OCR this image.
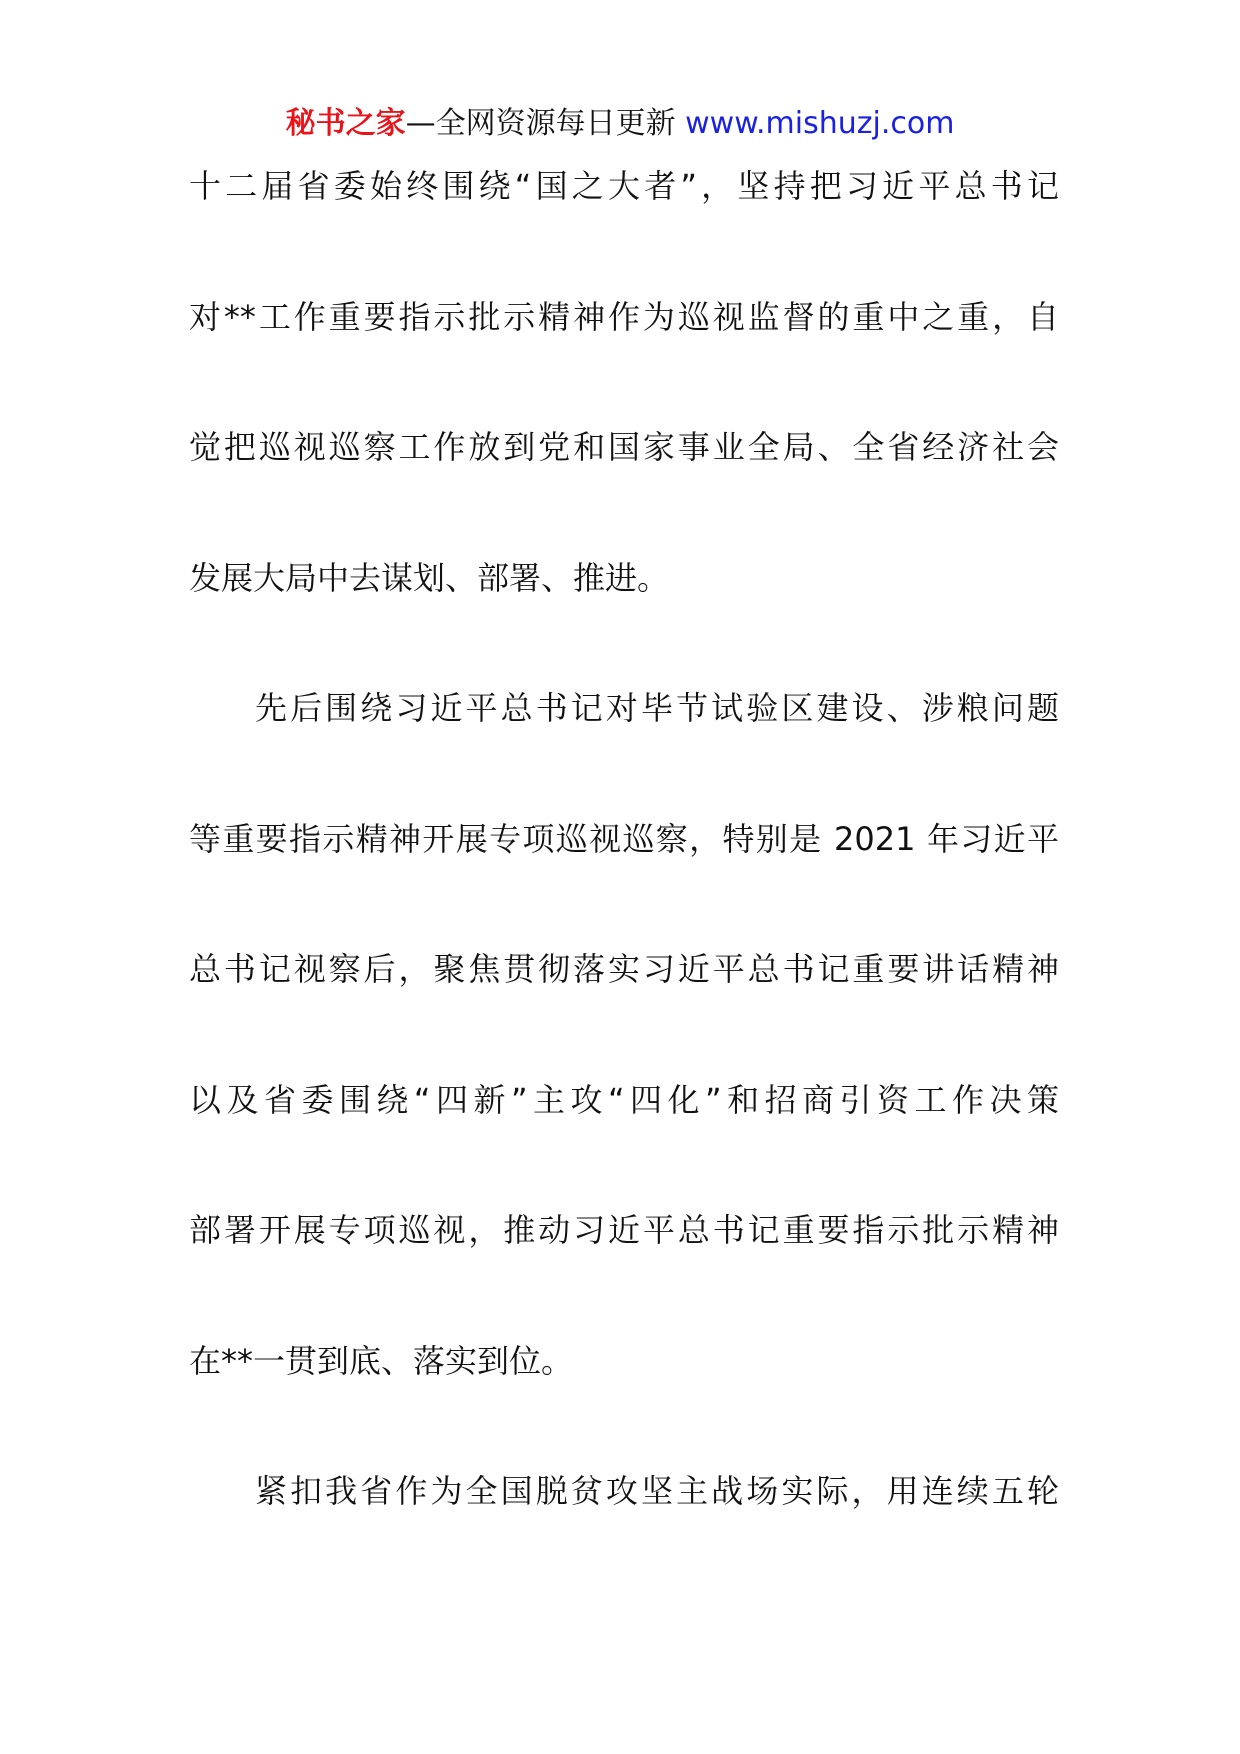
秘书之家—全网资源每日更新 www.mishuzj.com
十二届省委始终围绕“国之大者”，坚持把习近平总书记
对**工作重要指示批示精神作为巡视监督的重中之重，自
觉把巡视巡察工作放到党和国家事业全局、全省经济社会
发展大局中去谋划、部署、推进。
先后围绕习近平总书记对毕节试验区建设、涉粮问题
等重要指示精神开展专项巡视巡察，特别是 2021 年习近平
总书记视察后，聚焦贯彻落实习近平总书记重要讲话精神
以及省委围绕“四新”主攻“四化”和招商引资工作决策
部署开展专项巡视，推动习近平总书记重要指示批示精神
在**一贯到底、落实到位。
紧扣我省作为全国脱贫攻坚主战场实际，用连续五轮
